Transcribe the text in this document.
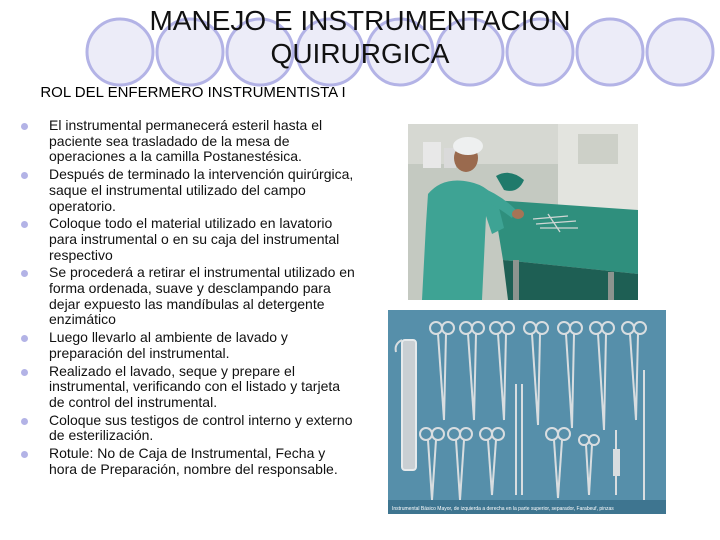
MANEJO E INSTRUMENTACION QUIRURGICA
ROL DEL ENFERMERO INSTRUMENTISTA I
El instrumental permanecerá esteril hasta el paciente sea trasladado de la mesa de operaciones a la camilla Postanestésica.
Después de terminado la intervención quirúrgica, saque el instrumental utilizado del campo operatorio.
Coloque todo el material utilizado en lavatorio para instrumental o en su caja del instrumental respectivo
Se procederá a retirar el instrumental utilizado en forma ordenada, suave y desclampando para dejar expuesto las mandíbulas al detergente enzimático
Luego llevarlo al ambiente de lavado y preparación del instrumental.
Realizado el lavado, seque y prepare el instrumental, verificando con el listado y tarjeta de control del instrumental.
Coloque sus testigos de control interno y externo de esterilización.
Rotule: No de Caja de Instrumental, Fecha y hora de Preparación, nombre del responsable.
Instrumental Básico Mayor, de izquierda a derecha en la parte superior, separador, Farabeuf, pinzas
